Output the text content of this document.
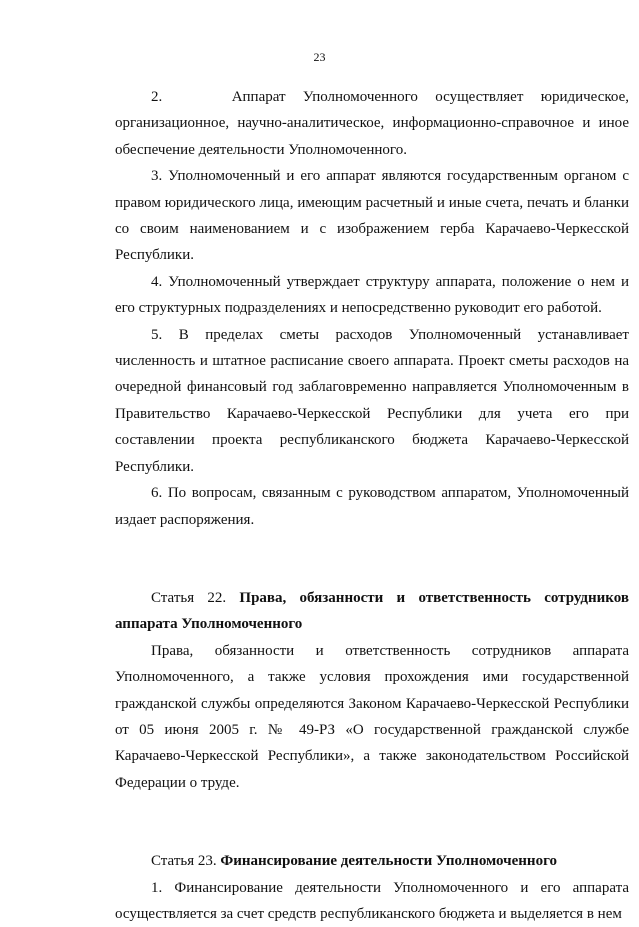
23

2.    Аппарат Уполномоченного осуществляет юридическое, организационное, научно-аналитическое, информационно-справочное и иное обеспечение деятельности Уполномоченного.

3. Уполномоченный и его аппарат являются государственным органом с правом юридического лица, имеющим расчетный и иные счета, печать и бланки со своим наименованием и с изображением герба Карачаево-Черкесской Республики.

4. Уполномоченный утверждает структуру аппарата, положение о нем и его структурных подразделениях и непосредственно руководит его работой.

5. В пределах сметы расходов Уполномоченный устанавливает численность и штатное расписание своего аппарата. Проект сметы расходов на очередной финансовый год заблаговременно направляется Уполномоченным в Правительство Карачаево-Черкесской Республики для учета его при составлении проекта республиканского бюджета Карачаево-Черкесской Республики.

6. По вопросам, связанным с руководством аппаратом, Уполномоченный издает распоряжения.

Статья 22. Права, обязанности и ответственность сотрудников аппарата Уполномоченного

Права, обязанности и ответственность сотрудников аппарата Уполномоченного, а также условия прохождения ими государственной гражданской службы определяются Законом Карачаево-Черкесской Республики от 05 июня 2005 г. № 49-РЗ «О государственной гражданской службе Карачаево-Черкесской Республики», а также законодательством Российской Федерации о труде.

Статья 23. Финансирование деятельности Уполномоченного

1. Финансирование деятельности Уполномоченного и его аппарата осуществляется за счет средств республиканского бюджета и выделяется в нем
